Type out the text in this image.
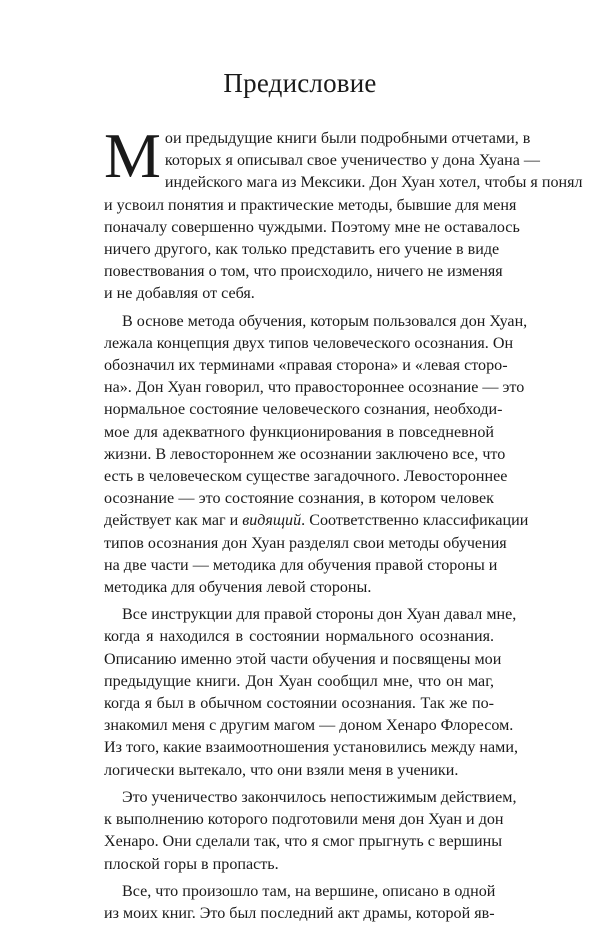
Предисловие

М ои предыдущие книги были подробными отчетами, в
которых я описывал свое ученичество у дона Хуана —
индейского мага из Мексики. Дон Хуан хотел, чтобы я понял
и усвоил понятия и практические методы, бывшие для меня
поначалу совершенно чуждыми. Поэтому мне не оставалось
ничего другого, как только представить его учение в виде
повествования о том, что происходило, ничего не изменяя
и не добавляя от себя.

В основе метода обучения, которым пользовался дон Хуан,
лежала концепция двух типов человеческого осознания. Он
обозначил их терминами «правая сторона» и «левая сторо-
на». Дон Хуан говорил, что правостороннее осознание — это
нормальное состояние человеческого сознания, необходи-
мое для адекватного функционирования в повседневной
жизни. В левостороннем же осознании заключено все, что
есть в человеческом существе загадочного. Левостороннее
осознание — это состояние сознания, в котором человек
действует как маг и видящий. Соответственно классификации
типов осознания дон Хуан разделял свои методы обучения
на две части — методика для обучения правой стороны и
методика для обучения левой стороны.

Все инструкции для правой стороны дон Хуан давал мне,
когда я находился в состоянии нормального осознания.
Описанию именно этой части обучения и посвящены мои
предыдущие книги. Дон Хуан сообщил мне, что он маг,
когда я был в обычном состоянии осознания. Так же по-
знакомил меня с другим магом — доном Хенаро Флоресом.
Из того, какие взаимоотношения установились между нами,
логически вытекало, что они взяли меня в ученики.

Это ученичество закончилось непостижимым действием,
к выполнению которого подготовили меня дон Хуан и дон
Хенаро. Они сделали так, что я смог прыгнуть с вершины
плоской горы в пропасть.

Все, что произошло там, на вершине, описано в одной
из моих книг. Это был последний акт драмы, которой яв-
